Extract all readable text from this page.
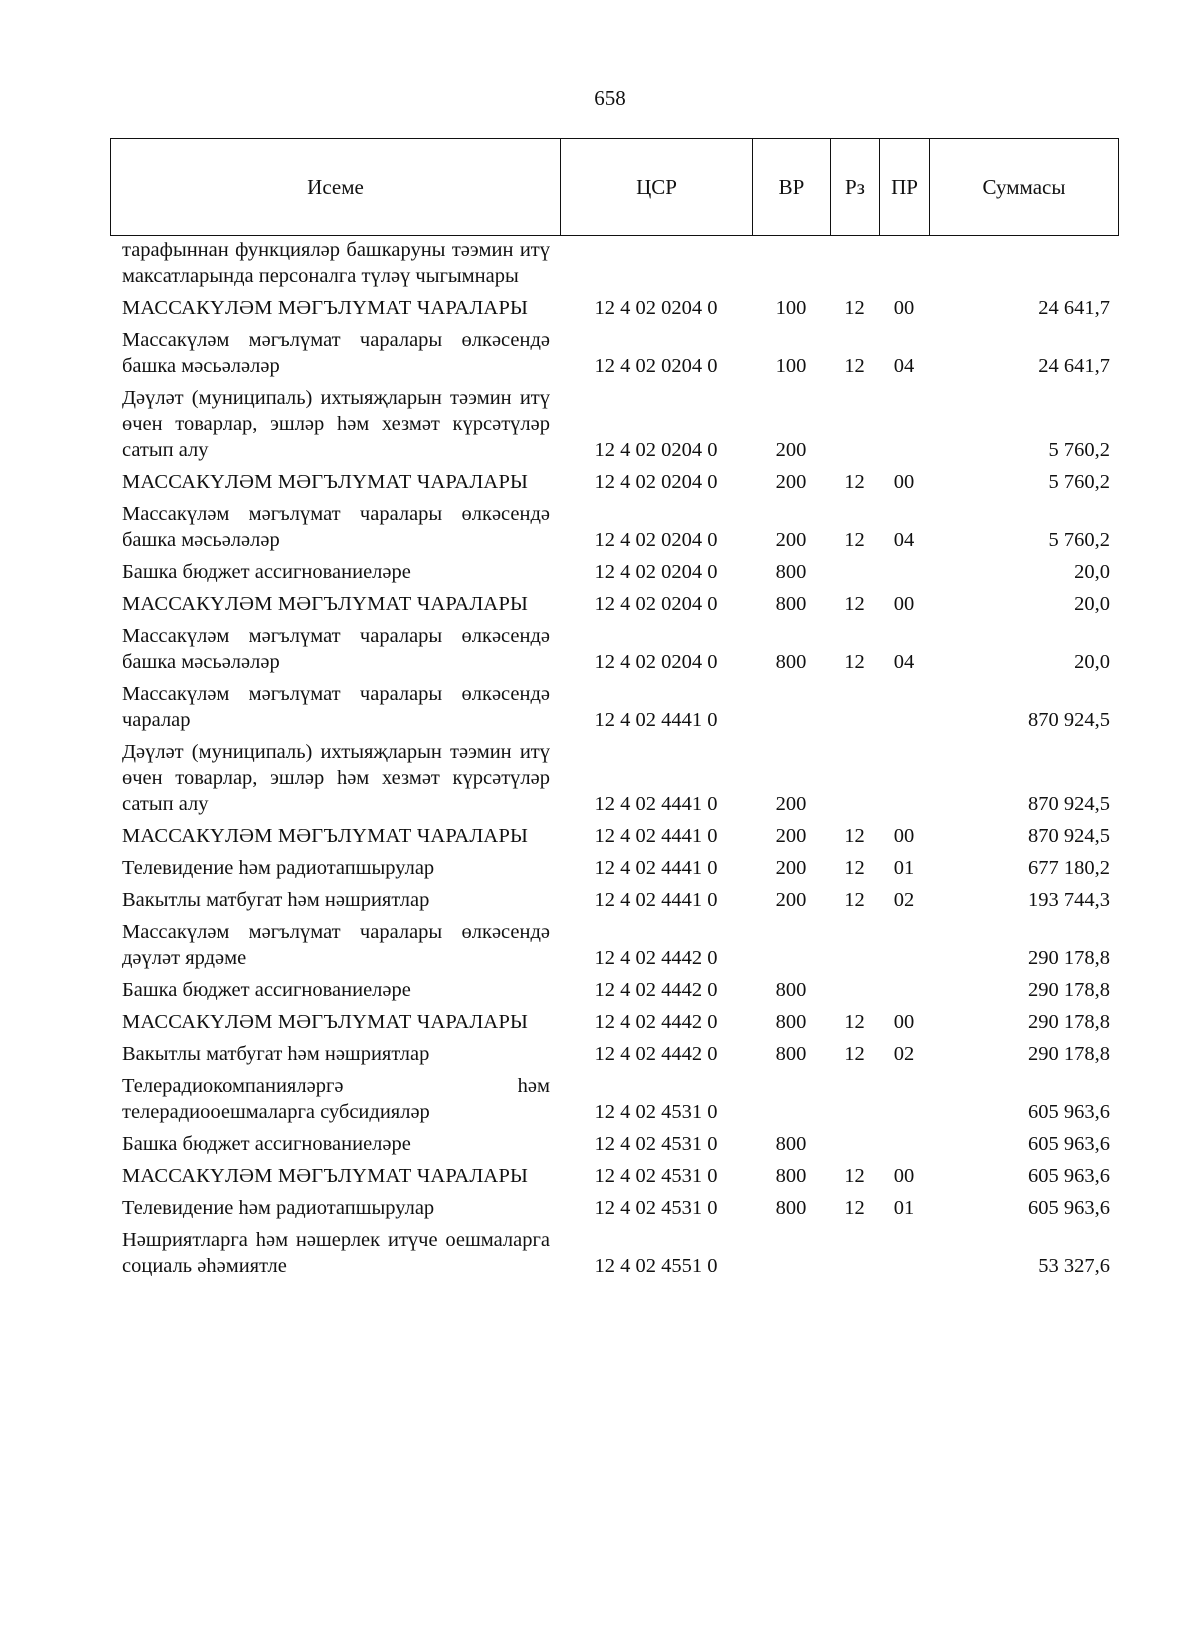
658
Исеме	ЦСР	ВР	Рз	ПР	Суммасы
тарафыннан функцияләр башкаруны тәэмин итү максатларында персоналга түләү чыгымнары					
МАССАКҮЛӘМ МӘГЪЛҮМАТ ЧАРАЛАРЫ	12 4 02 0204 0	100	12	00	24 641,7
Массакүләм мәгълүмат чаралары өлкәсендә башка мәсьәләләр	12 4 02 0204 0	100	12	04	24 641,7
Дәүләт (муниципаль) ихтыяҗларын тәэмин итү өчен товарлар, эшләр һәм хезмәт күрсәтүләр сатып алу	12 4 02 0204 0	200			5 760,2
МАССАКҮЛӘМ МӘГЪЛҮМАТ ЧАРАЛАРЫ	12 4 02 0204 0	200	12	00	5 760,2
Массакүләм мәгълүмат чаралары өлкәсендә башка мәсьәләләр	12 4 02 0204 0	200	12	04	5 760,2
Башка бюджет ассигнованиеләре	12 4 02 0204 0	800			20,0
МАССАКҮЛӘМ МӘГЪЛҮМАТ ЧАРАЛАРЫ	12 4 02 0204 0	800	12	00	20,0
Массакүләм мәгълүмат чаралары өлкәсендә башка мәсьәләләр	12 4 02 0204 0	800	12	04	20,0
Массакүләм мәгълүмат чаралары өлкәсендә чаралар	12 4 02 4441 0				870 924,5
Дәүләт (муниципаль) ихтыяҗларын тәэмин итү өчен товарлар, эшләр һәм хезмәт күрсәтүләр сатып алу	12 4 02 4441 0	200			870 924,5
МАССАКҮЛӘМ МӘГЪЛҮМАТ ЧАРАЛАРЫ	12 4 02 4441 0	200	12	00	870 924,5
Телевидение һәм радиотапшырулар	12 4 02 4441 0	200	12	01	677 180,2
Вакытлы матбугат һәм нәшриятлар	12 4 02 4441 0	200	12	02	193 744,3
Массакүләм мәгълүмат чаралары өлкәсендә дәүләт ярдәме	12 4 02 4442 0				290 178,8
Башка бюджет ассигнованиеләре	12 4 02 4442 0	800			290 178,8
МАССАКҮЛӘМ МӘГЪЛҮМАТ ЧАРАЛАРЫ	12 4 02 4442 0	800	12	00	290 178,8
Вакытлы матбугат һәм нәшриятлар	12 4 02 4442 0	800	12	02	290 178,8
Телерадиокомпанияләргә һәм телерадиооешмаларга субсидияләр	12 4 02 4531 0				605 963,6
Башка бюджет ассигнованиеләре	12 4 02 4531 0	800			605 963,6
МАССАКҮЛӘМ МӘГЪЛҮМАТ ЧАРАЛАРЫ	12 4 02 4531 0	800	12	00	605 963,6
Телевидение һәм радиотапшырулар	12 4 02 4531 0	800	12	01	605 963,6
Нәшриятларга һәм нәшерлек итүче оешмаларга социаль әһәмиятле	12 4 02 4551 0				53 327,6
